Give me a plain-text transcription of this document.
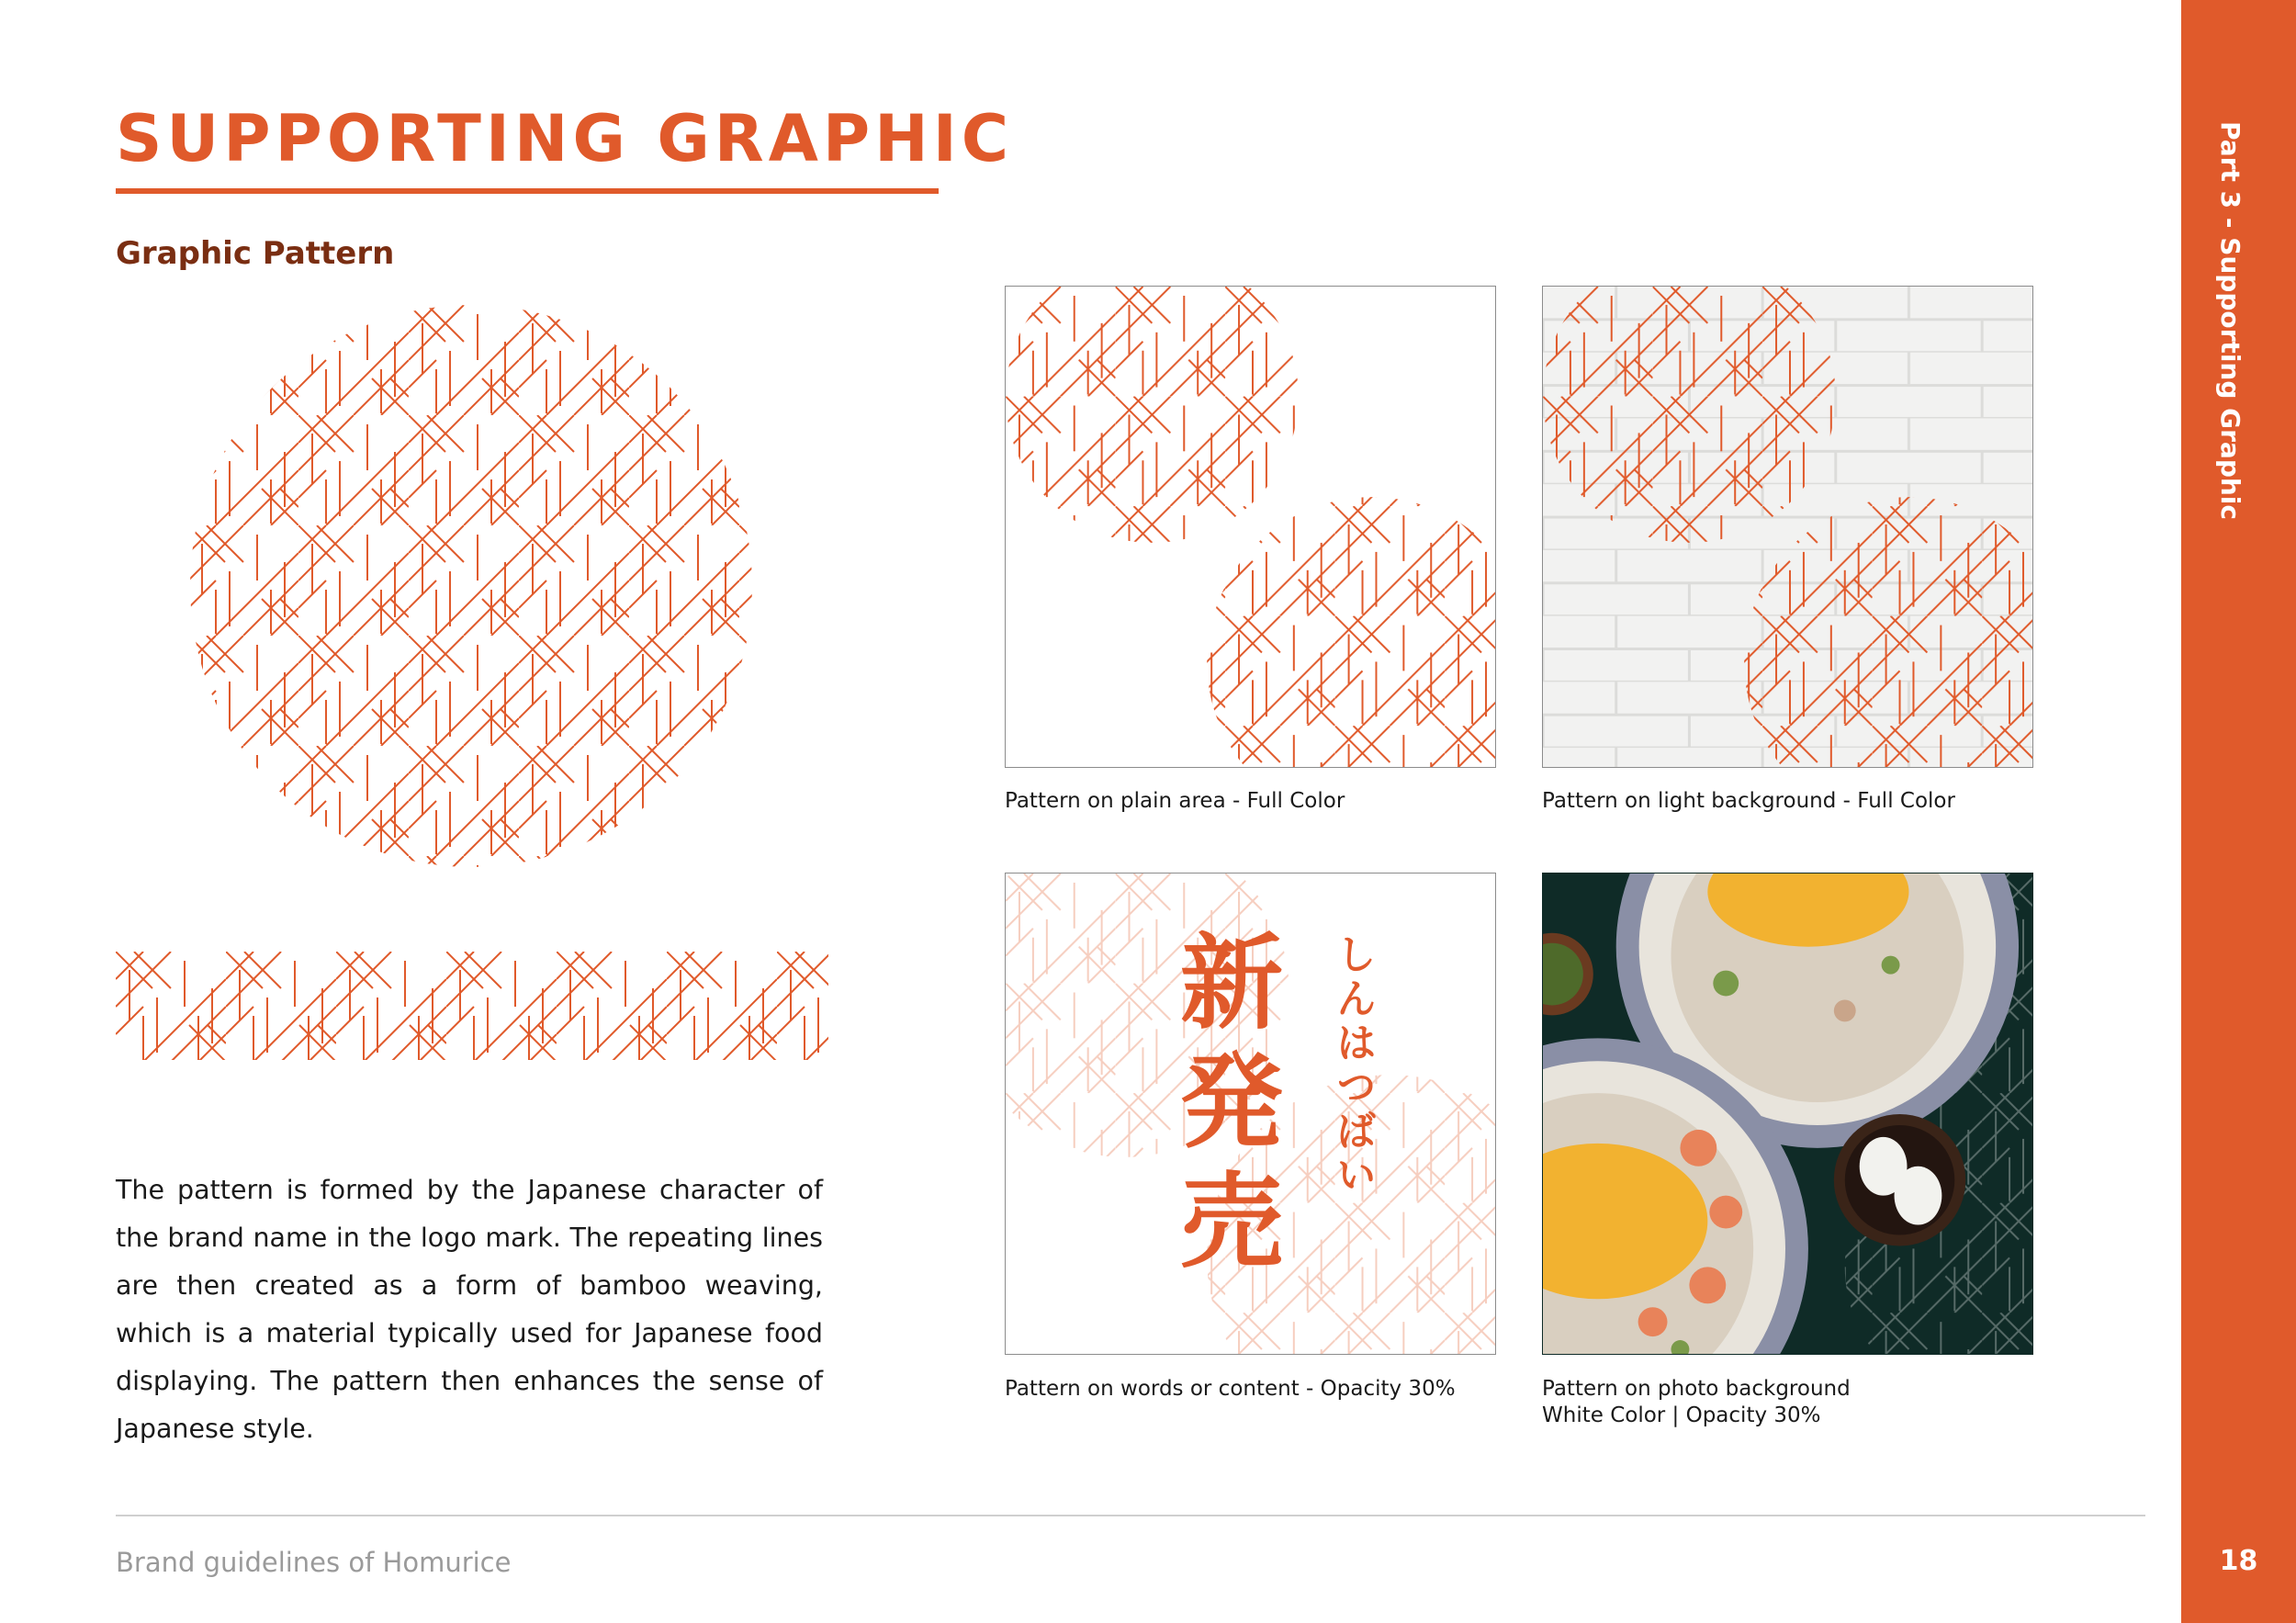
SUPPORTING GRAPHIC
Graphic Pattern

The pattern is formed by the Japanese character of the brand name in the logo mark. The repeating lines are then created as a form of bamboo weaving, which is a material typically used for Japanese food displaying. The pattern then enhances the sense of Japanese style.

Pattern on plain area - Full Color	Pattern on light background - Full Color

新発売
しんはつばい

Pattern on words or content - Opacity 30%	Pattern on photo background

White Color | Opacity 30%

Brand guidelines of Homurice

Part 3 - Supporting Graphic
18
